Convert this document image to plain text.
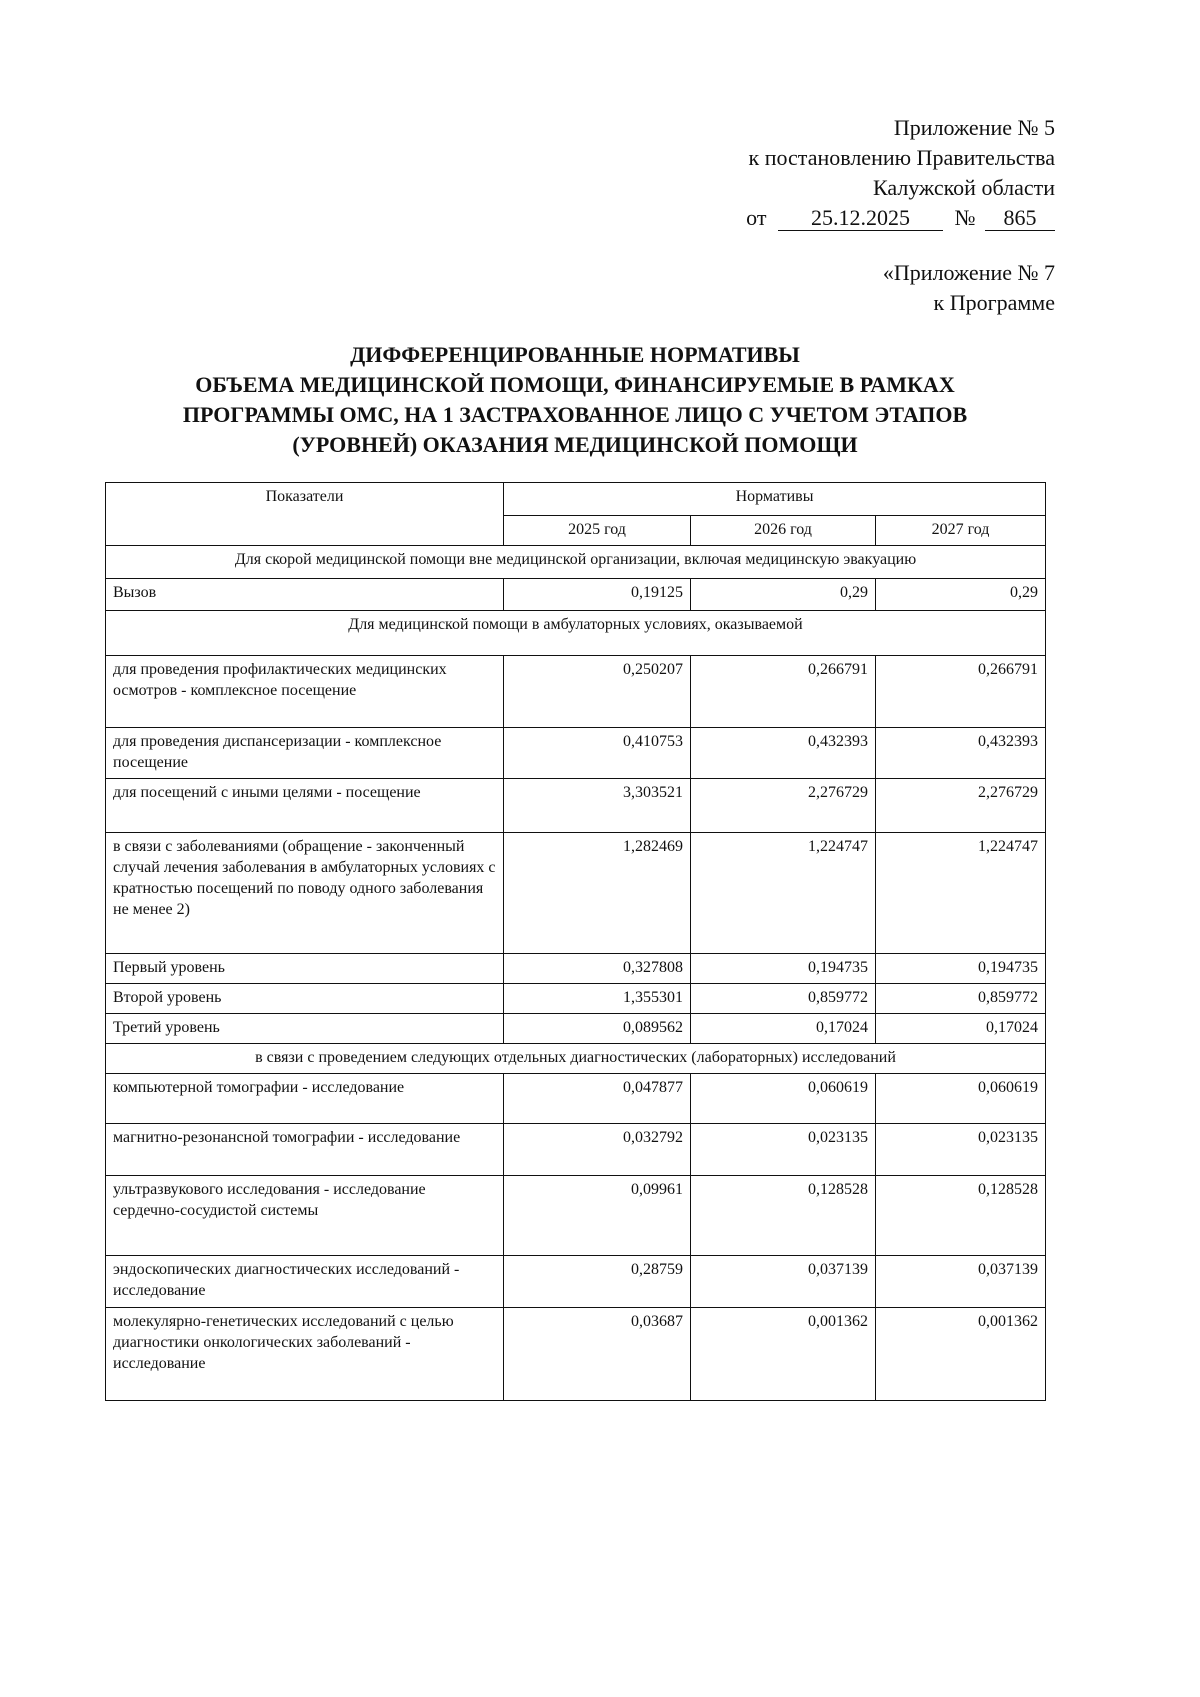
Приложение № 5
к постановлению Правительства
Калужской области
от 25.12.2025 № 865
«Приложение № 7
к Программе
ДИФФЕРЕНЦИРОВАННЫЕ НОРМАТИВЫ
ОБЪЕМА МЕДИЦИНСКОЙ ПОМОЩИ, ФИНАНСИРУЕМЫЕ В РАМКАХ
ПРОГРАММЫ ОМС, НА 1 ЗАСТРАХОВАННОЕ ЛИЦО С УЧЕТОМ ЭТАПОВ
(УРОВНЕЙ) ОКАЗАНИЯ МЕДИЦИНСКОЙ ПОМОЩИ
Показатели	Нормативы		
	2025 год	2026 год	2027 год
Для скорой медицинской помощи вне медицинской организации, включая медицинскую эвакуацию			
Вызов	0,19125	0,29	0,29
Для медицинской помощи в амбулаторных условиях, оказываемой			
для проведения профилактических медицинских осмотров - комплексное посещение	0,250207	0,266791	0,266791
для проведения диспансеризации - комплексное посещение	0,410753	0,432393	0,432393
для посещений с иными целями - посещение	3,303521	2,276729	2,276729
в связи с заболеваниями (обращение - законченный случай лечения заболевания в амбулаторных условиях с кратностью посещений по поводу одного заболевания не менее 2)	1,282469	1,224747	1,224747
Первый уровень	0,327808	0,194735	0,194735
Второй уровень	1,355301	0,859772	0,859772
Третий уровень	0,089562	0,17024	0,17024
в связи с проведением следующих отдельных диагностических (лабораторных) исследований			
компьютерной томографии - исследование	0,047877	0,060619	0,060619
магнитно-резонансной томографии - исследование	0,032792	0,023135	0,023135
ультразвукового исследования - исследование сердечно-сосудистой системы	0,09961	0,128528	0,128528
эндоскопических диагностических исследований - исследование	0,28759	0,037139	0,037139
молекулярно-генетических исследований с целью диагностики онкологических заболеваний - исследование	0,03687	0,001362	0,001362
